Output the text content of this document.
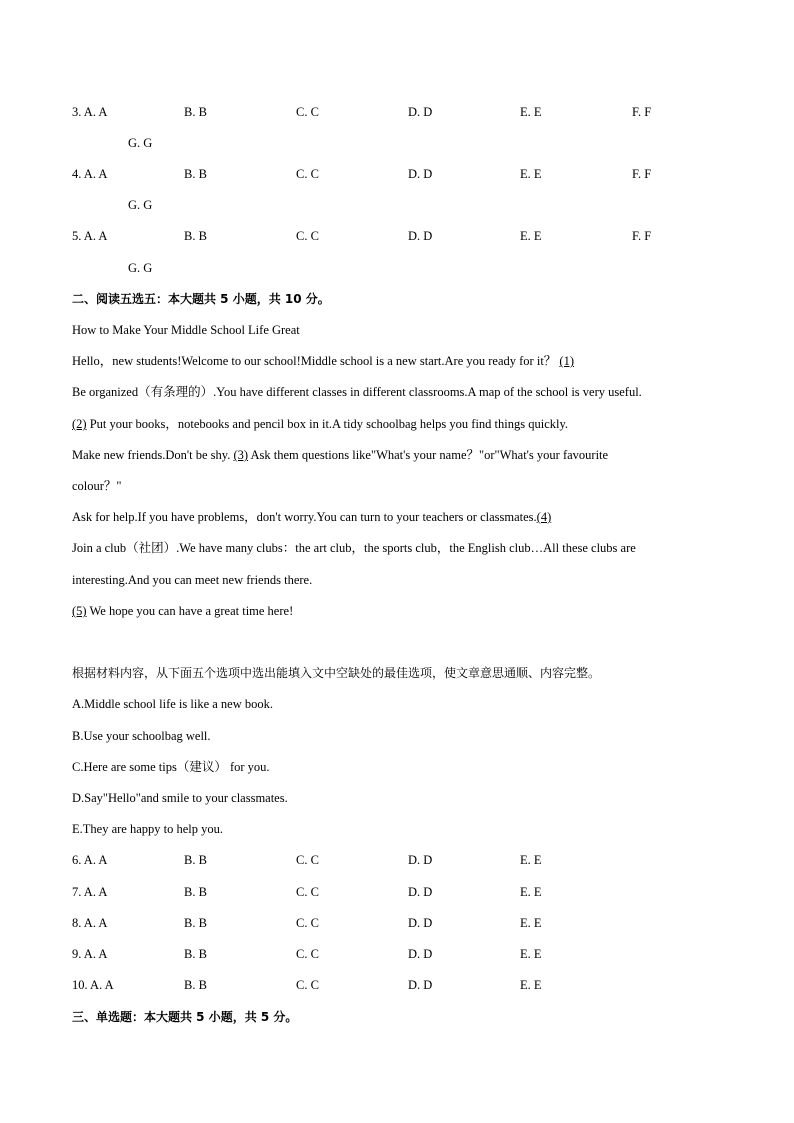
3. A. A	B. B	C. C	D. D	E. E	F. F
G. G
4. A. A	B. B	C. C	D. D	E. E	F. F
G. G
5. A. A	B. B	C. C	D. D	E. E	F. F
G. G
二、阅读五选五：本大题共 5 小题，共 10 分。
How to Make Your Middle School Life Great
Hello，new students!Welcome to our school!Middle school is a new start.Are you ready for it？ (1)
Be organized（有条理的）.You have different classes in different classrooms.A map of the school is very useful.
(2) Put your books，notebooks and pencil box in it.A tidy schoolbag helps you find things quickly.
Make new friends.Don't be shy. (3) Ask them questions like"What's your name？"or"What's your favourite
colour？"
Ask for help.If you have problems，don't worry.You can turn to your teachers or classmates.(4)
Join a club（社团）.We have many clubs：the art club，the sports club，the English club…All these clubs are
interesting.And you can meet new friends there.
(5) We hope you can have a great time here!
根据材料内容，从下面五个选项中选出能填入文中空缺处的最佳选项，使文章意思通顺、内容完整。
A.Middle school life is like a new book.
B.Use your schoolbag well.
C.Here are some tips（建议） for you.
D.Say"Hello"and smile to your classmates.
E.They are happy to help you.
6. A. A	B. B	C. C	D. D	E. E
7. A. A	B. B	C. C	D. D	E. E
8. A. A	B. B	C. C	D. D	E. E
9. A. A	B. B	C. C	D. D	E. E
10. A. A	B. B	C. C	D. D	E. E
三、单选题：本大题共 5 小题，共 5 分。
